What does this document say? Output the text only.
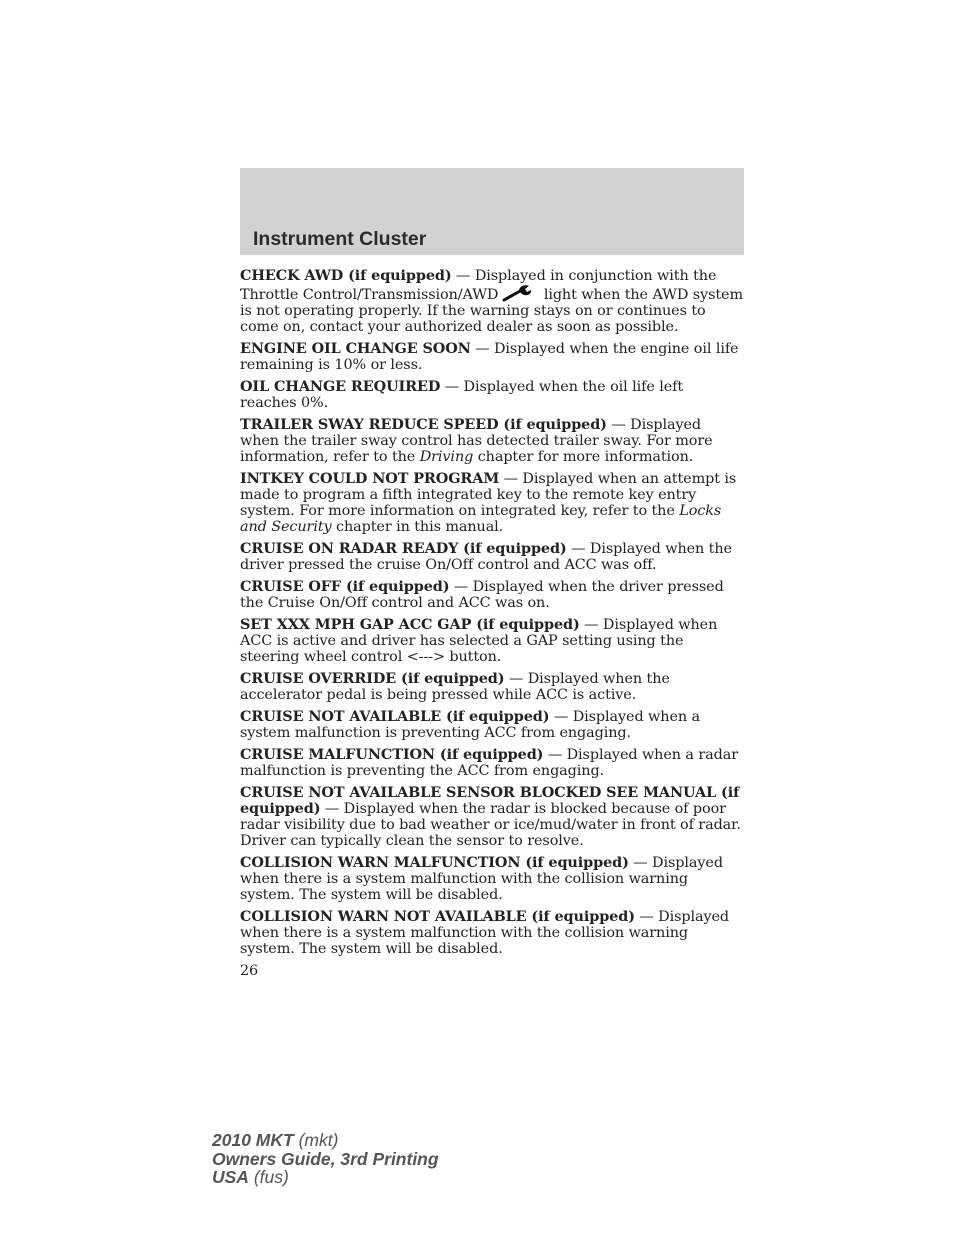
Instrument Cluster

CHECK AWD (if equipped) — Displayed in conjunction with the Throttle Control/Transmission/AWD	light when the AWD system is not operating properly. If the warning stays on or continues to come on, contact your authorized dealer as soon as possible.

ENGINE OIL CHANGE SOON — Displayed when the engine oil life remaining is 10% or less.

OIL CHANGE REQUIRED — Displayed when the oil life left reaches 0%.

TRAILER SWAY REDUCE SPEED (if equipped) — Displayed when the trailer sway control has detected trailer sway. For more information, refer to the Driving chapter for more information.

INTKEY COULD NOT PROGRAM — Displayed when an attempt is made to program a fifth integrated key to the remote key entry system. For more information on integrated key, refer to the Locks and Security chapter in this manual.

CRUISE ON RADAR READY (if equipped) — Displayed when the driver pressed the cruise On/Off control and ACC was off.

CRUISE OFF (if equipped) — Displayed when the driver pressed the Cruise On/Off control and ACC was on.

SET XXX MPH GAP ACC GAP (if equipped) — Displayed when ACC is active and driver has selected a GAP setting using the steering wheel control <---> button.

CRUISE OVERRIDE (if equipped) — Displayed when the accelerator pedal is being pressed while ACC is active.

CRUISE NOT AVAILABLE (if equipped) — Displayed when a system malfunction is preventing ACC from engaging.

CRUISE MALFUNCTION (if equipped) — Displayed when a radar malfunction is preventing the ACC from engaging.

CRUISE NOT AVAILABLE SENSOR BLOCKED SEE MANUAL (if equipped) — Displayed when the radar is blocked because of poor radar visibility due to bad weather or ice/mud/water in front of radar. Driver can typically clean the sensor to resolve.

COLLISION WARN MALFUNCTION (if equipped) — Displayed when there is a system malfunction with the collision warning system. The system will be disabled.

COLLISION WARN NOT AVAILABLE (if equipped) — Displayed when there is a system malfunction with the collision warning system. The system will be disabled.

26
2010 MKT (mkt)
Owners Guide, 3rd Printing
USA (fus)
